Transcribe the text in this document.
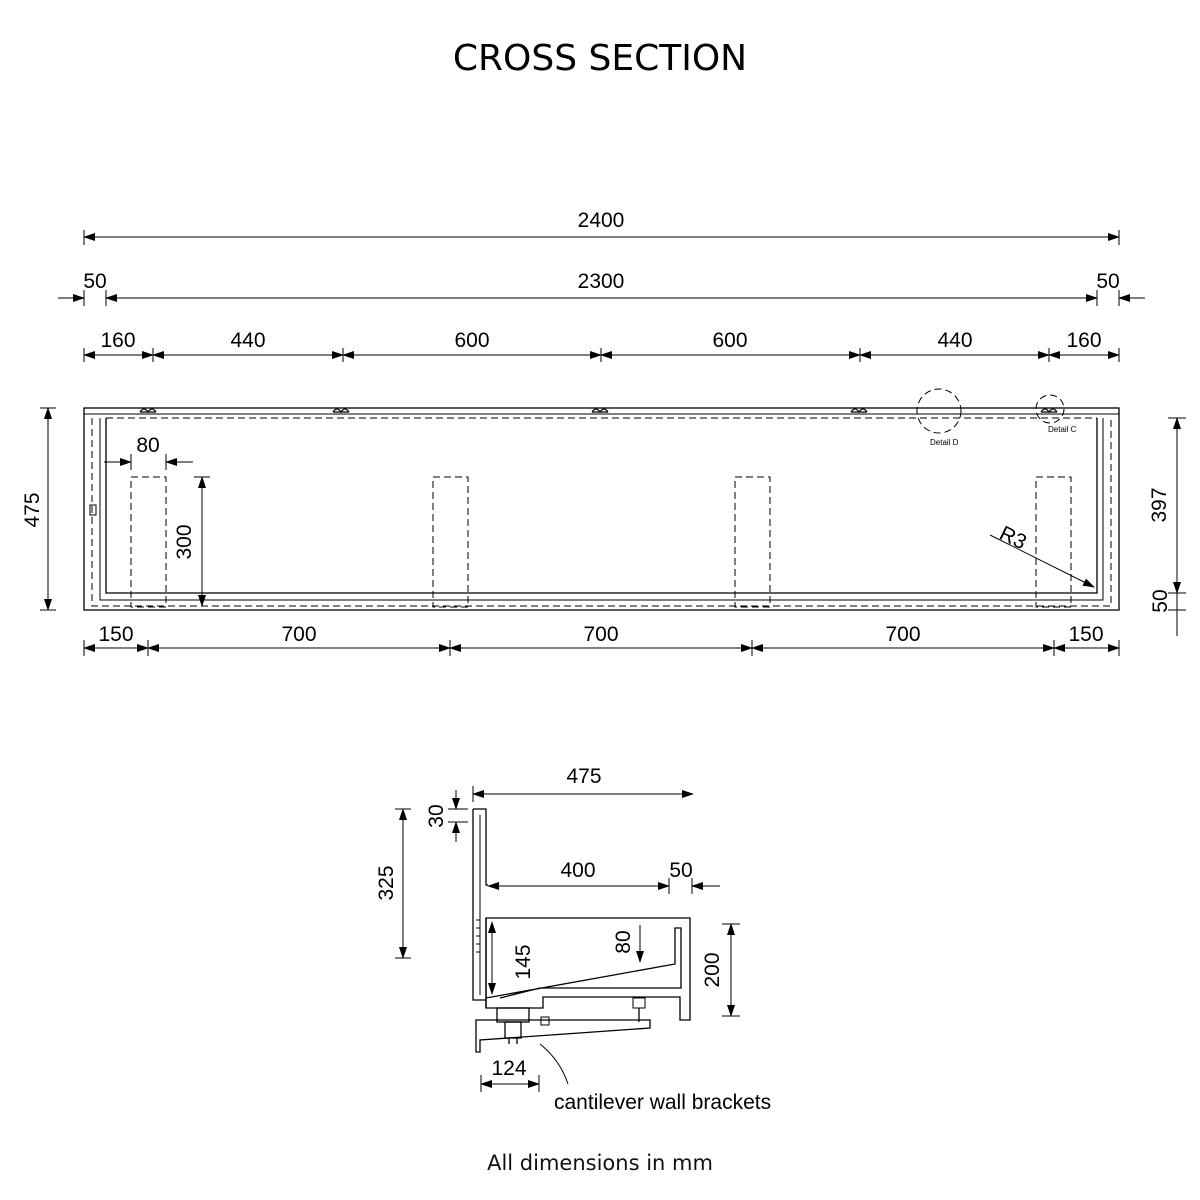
CROSS SECTION
Detail D
Detail C
R3
2400
50	2300	50
160	440	600	600	440	160
150	700	700	700	150
475	397
50
80
300
475
30
325	400	50
145
80
200
124
cantilever wall brackets
All dimensions in mm
